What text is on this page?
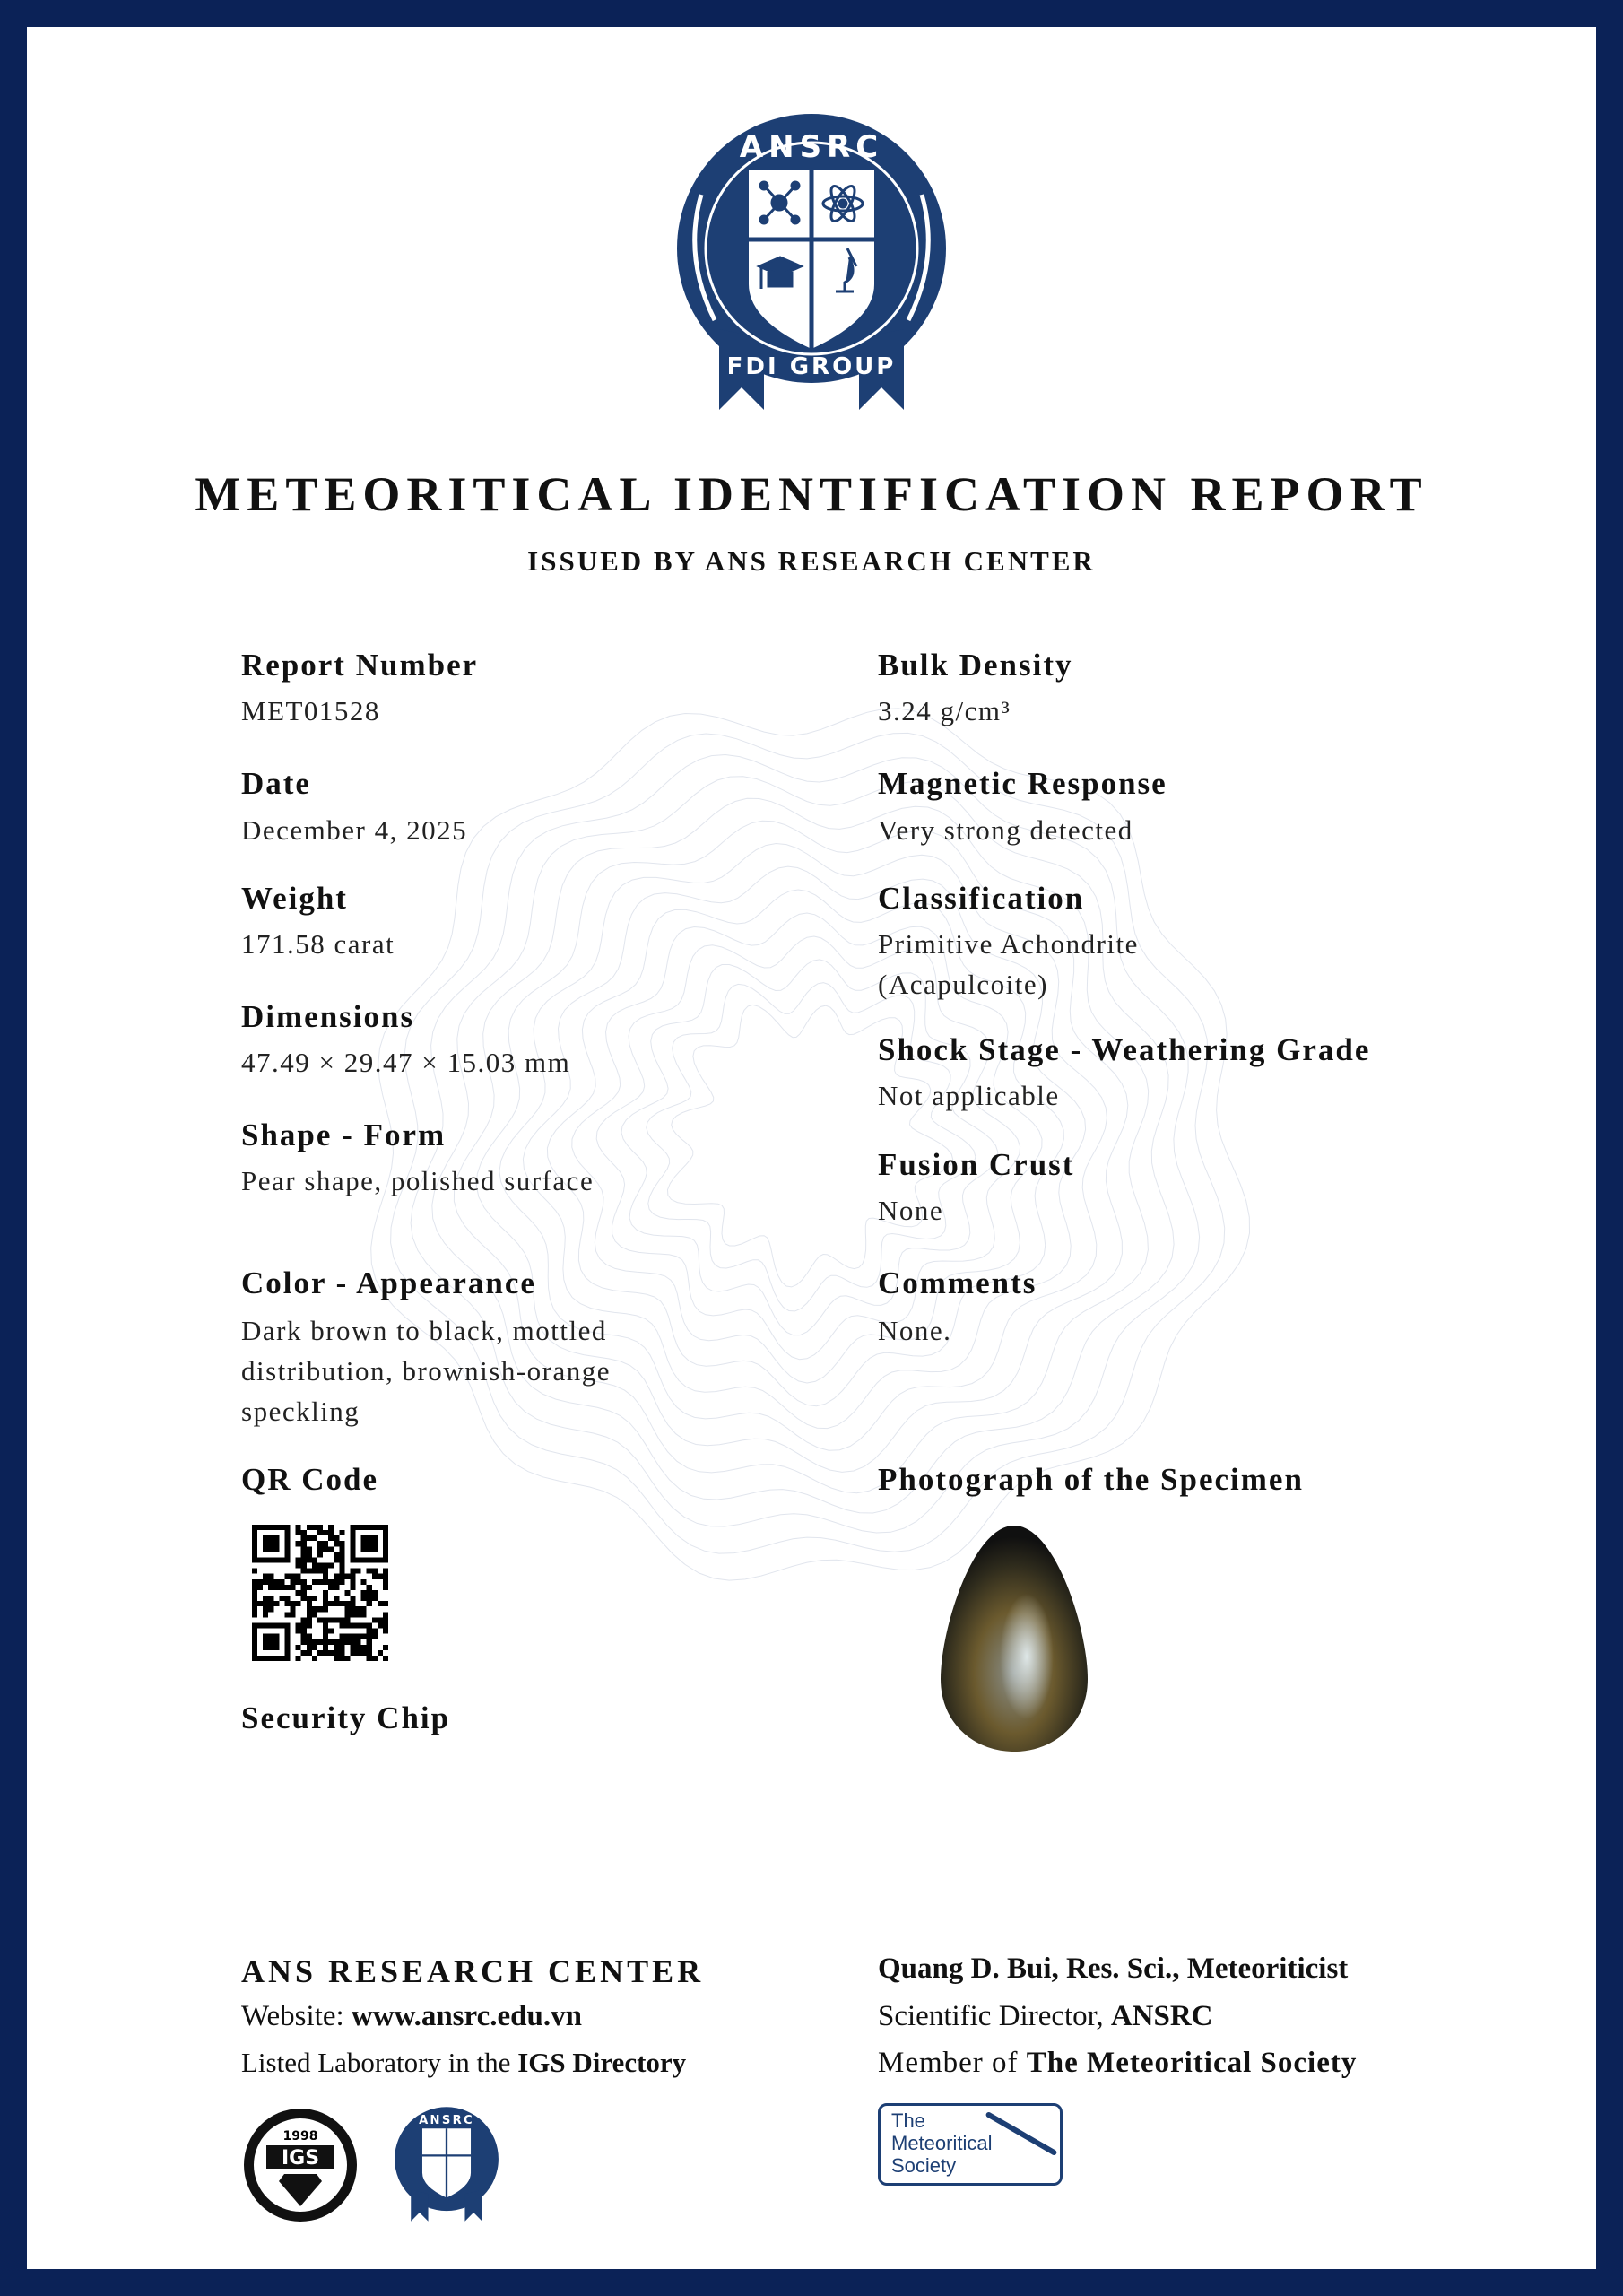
ANSRC
FDI GROUP
METEORITICAL IDENTIFICATION REPORT
ISSUED BY ANS RESEARCH CENTER
Report Number
MET01528
Date
December 4, 2025
Weight
171.58 carat
Dimensions
47.49 × 29.47 × 15.03 mm
Shape - Form
Pear shape, polished surface
Color - Appearance
Dark brown to black, mottled distribution, brownish-orange speckling
Bulk Density
3.24 g/cm³
Magnetic Response
Very strong detected
Classification
Primitive Achondrite (Acapulcoite)
Shock Stage - Weathering Grade
Not applicable
Fusion Crust
None
Comments
None.
QR Code
Security Chip
Photograph of the Specimen
ANS RESEARCH CENTER
Website: www.ansrc.edu.vn
Listed Laboratory in the IGS Directory
1998
IGS
ANSRC
Quang D. Bui, Res. Sci., Meteoriticist
Scientific Director, ANSRC
Member of The Meteoritical Society
The Meteoritical Society
